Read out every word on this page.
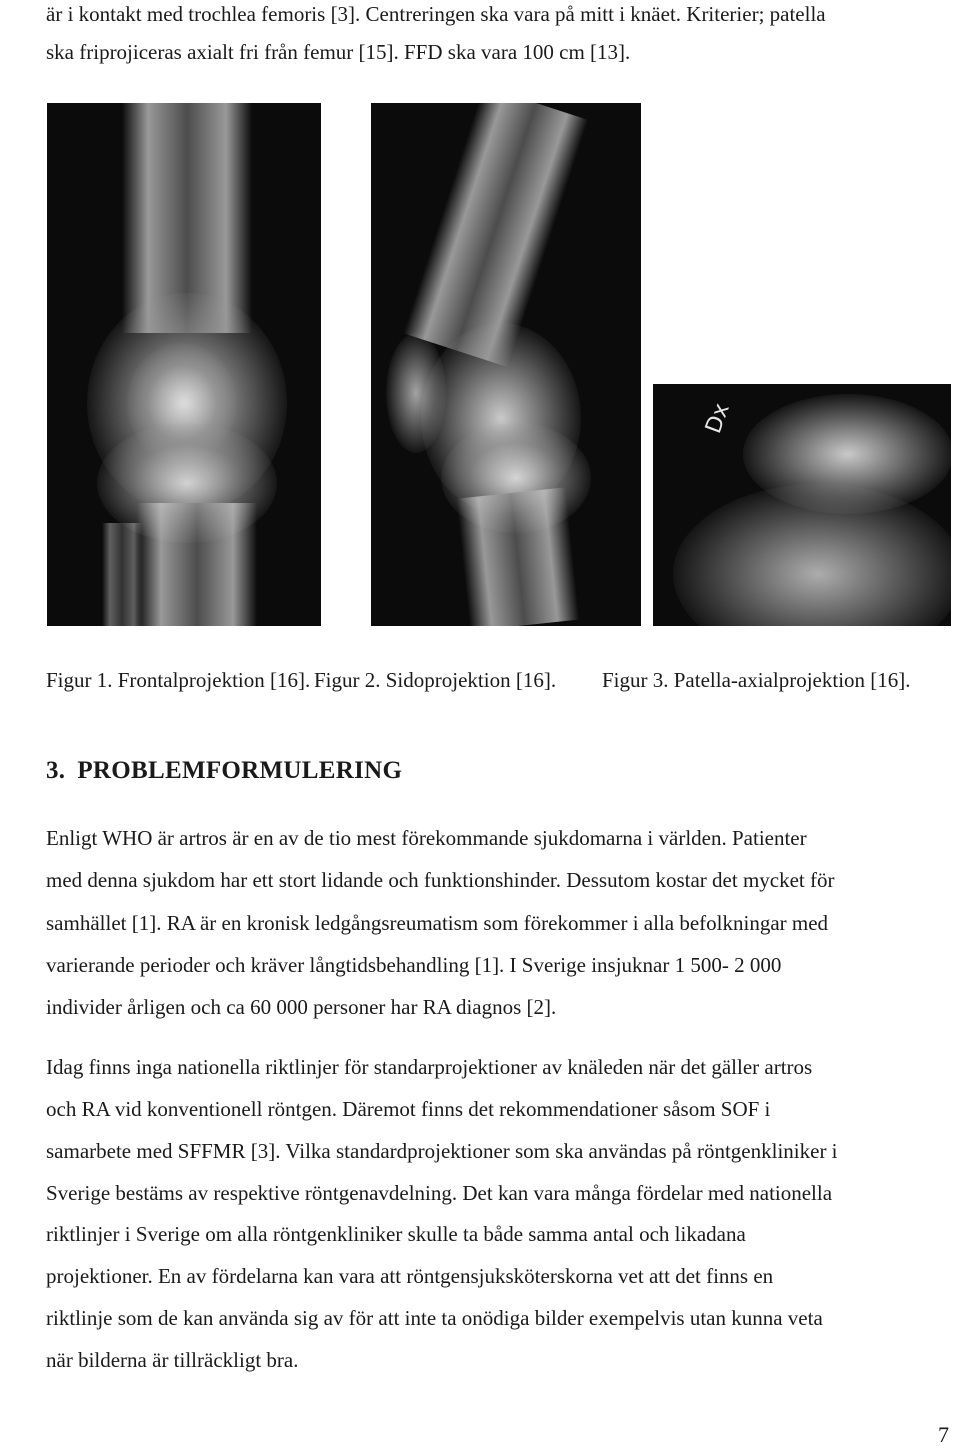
är i kontakt med trochlea femoris [3]. Centreringen ska vara på mitt i knäet. Kriterier; patella
ska friprojiceras axialt fri från femur [15]. FFD ska vara 100 cm [13].
Dx
Figur 1. Frontalprojektion [16]. Figur 2. Sidoprojektion [16]. Figur 3. Patella-axialprojektion [16].
3. PROBLEMFORMULERING
Enligt WHO är artros är en av de tio mest förekommande sjukdomarna i världen. Patienter
med denna sjukdom har ett stort lidande och funktionshinder. Dessutom kostar det mycket för
samhället [1]. RA är en kronisk ledgångsreumatism som förekommer i alla befolkningar med
varierande perioder och kräver långtidsbehandling [1]. I Sverige insjuknar 1 500- 2 000
individer årligen och ca 60 000 personer har RA diagnos [2].
Idag finns inga nationella riktlinjer för standarprojektioner av knäleden när det gäller artros
och RA vid konventionell röntgen. Däremot finns det rekommendationer såsom SOF i
samarbete med SFFMR [3]. Vilka standardprojektioner som ska användas på röntgenkliniker i
Sverige bestäms av respektive röntgenavdelning. Det kan vara många fördelar med nationella
riktlinjer i Sverige om alla röntgenkliniker skulle ta både samma antal och likadana
projektioner. En av fördelarna kan vara att röntgensjuksköterskorna vet att det finns en
riktlinje som de kan använda sig av för att inte ta onödiga bilder exempelvis utan kunna veta
när bilderna är tillräckligt bra.
7
